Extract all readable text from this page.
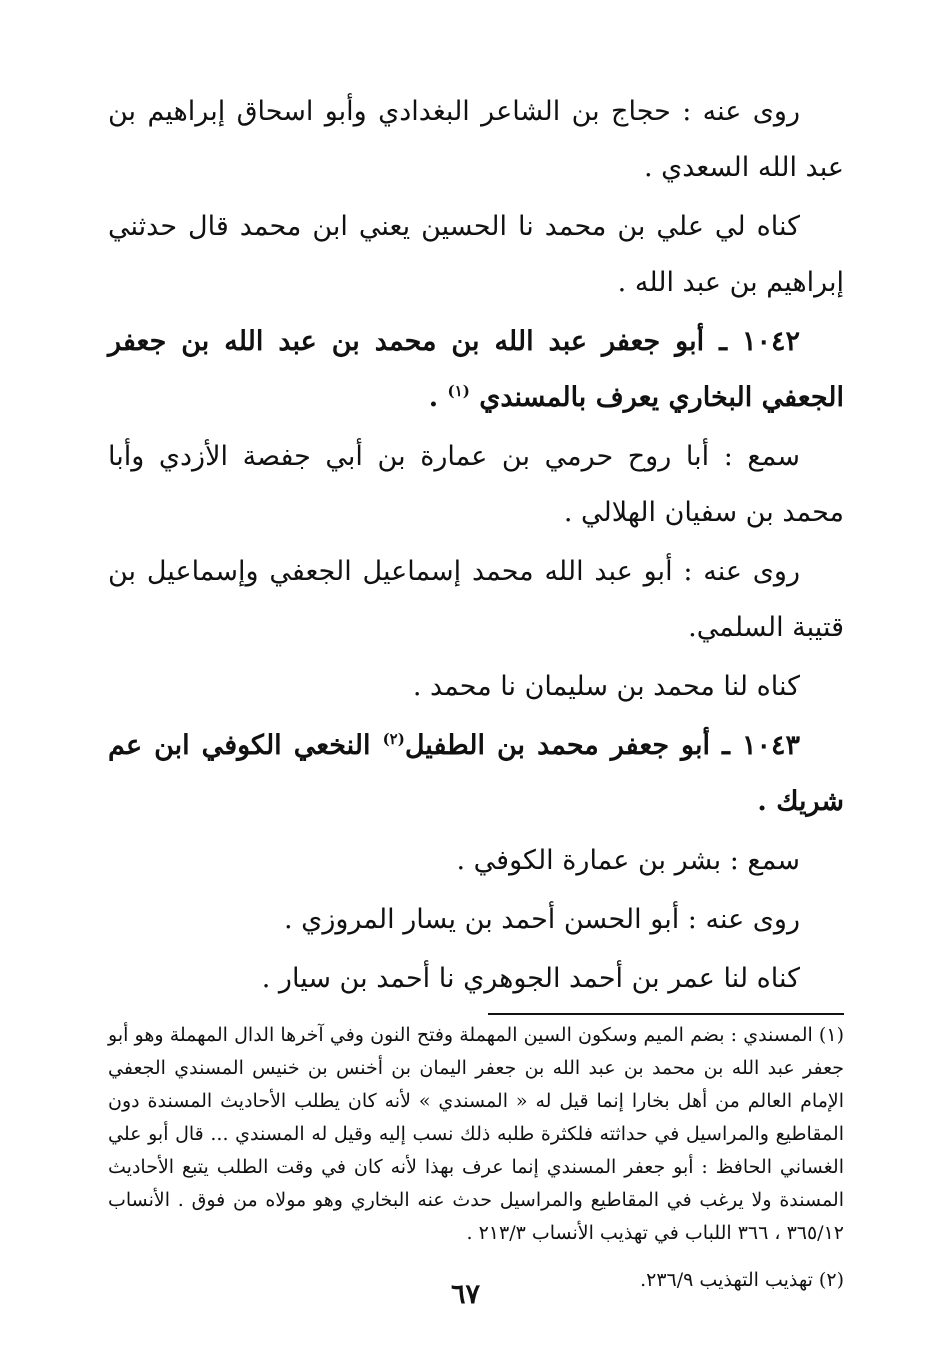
روى عنه : حجاج بن الشاعر البغدادي وأبو اسحاق إبراهيم بن عبد الله السعدي .

كناه لي علي بن محمد نا الحسين يعني ابن محمد قال حدثني إبراهيم بن عبد الله .

١٠٤٢ ـ أبو جعفر عبد الله بن محمد بن عبد الله بن جعفر الجعفي البخاري يعرف بالمسندي $^{(١)}$ .

سمع : أبا روح حرمي بن عمارة بن أبي جفصة الأزدي وأبا محمد بن سفيان الهلالي .

روى عنه : أبو عبد الله محمد إسماعيل الجعفي وإسماعيل بن قتيبة السلمي.

كناه لنا محمد بن سليمان نا محمد .

١٠٤٣ ـ أبو جعفر محمد بن الطفيل$^{(٢)}$ النخعي الكوفي ابن عم شريك .

سمع : بشر بن عمارة الكوفي .

روى عنه : أبو الحسن أحمد بن يسار المروزي .

كناه لنا عمر بن أحمد الجوهري نا أحمد بن سيار .

(١) المسندي : بضم الميم وسكون السين المهملة وفتح النون وفي آخرها الدال المهملة وهو أبو جعفر عبد الله بن محمد بن عبد الله بن جعفر اليمان بن أخنس بن خنيس المسندي الجعفي الإمام العالم من أهل بخارا إنما قيل له « المسندي » لأنه كان يطلب الأحاديث المسندة دون المقاطيع والمراسيل في حداثته فلكثرة طلبه ذلك نسب إليه وقيل له المسندي ... قال أبو علي الغساني الحافظ : أبو جعفر المسندي إنما عرف بهذا لأنه كان في وقت الطلب يتبع الأحاديث المسندة ولا يرغب في المقاطيع والمراسيل حدث عنه البخاري وهو مولاه من فوق . الأنساب ٣٦٥/١٢ ، ٣٦٦ اللباب في تهذيب الأنساب ٢١٣/٣ .

(٢) تهذيب التهذيب ٢٣٦/٩.

٦٧
